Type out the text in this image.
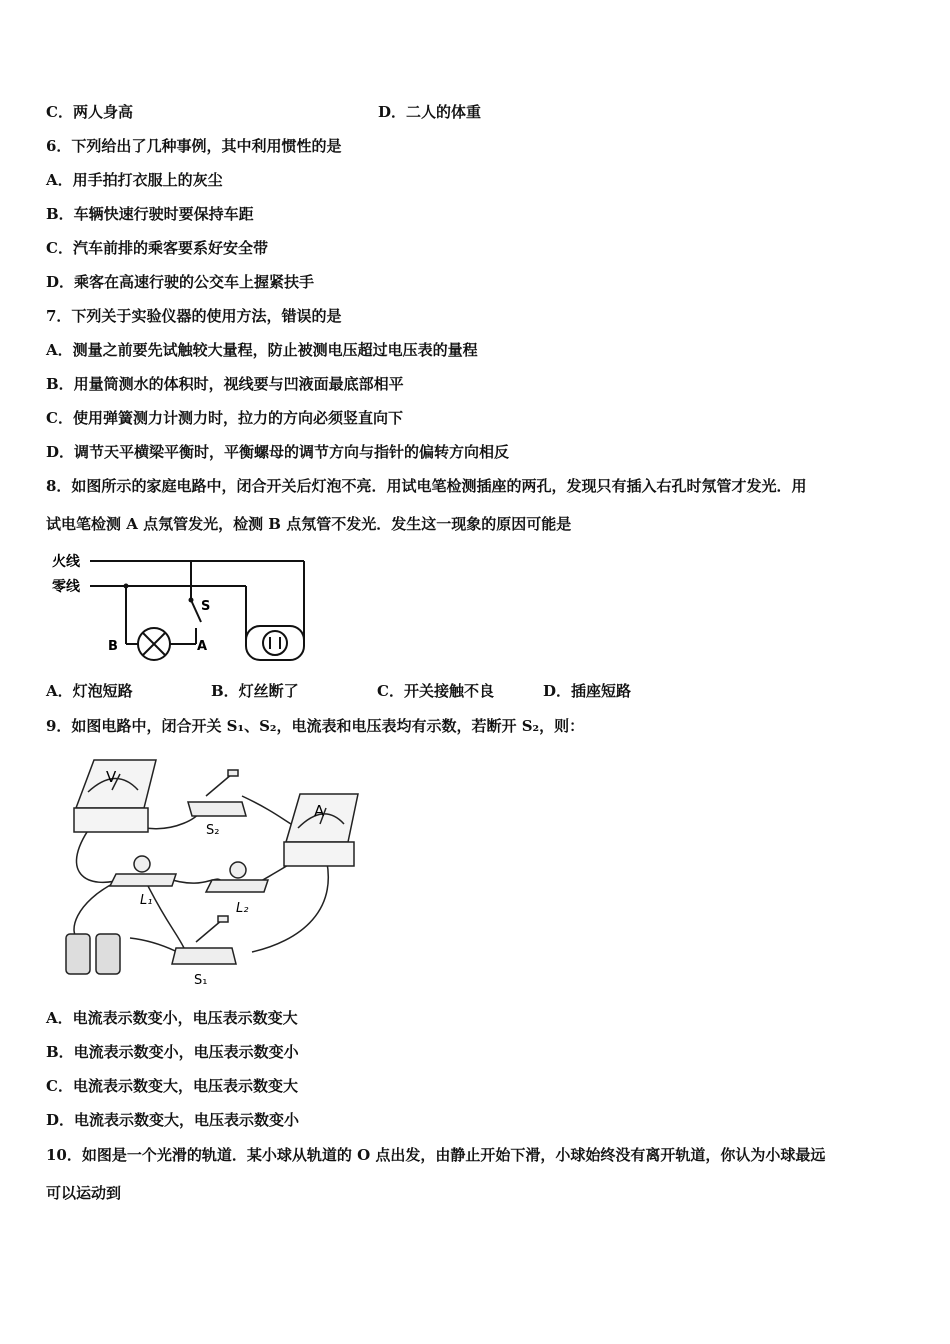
C．两人身高	D．二人的体重
6．下列给出了几种事例，其中利用惯性的是
A．用手拍打衣服上的灰尘
B．车辆快速行驶时要保持车距
C．汽车前排的乘客要系好安全带
D．乘客在高速行驶的公交车上握紧扶手
7．下列关于实验仪器的使用方法，错误的是
A．测量之前要先试触较大量程，防止被测电压超过电压表的量程
B．用量筒测水的体积时，视线要与凹液面最底部相平
C．使用弹簧测力计测力时，拉力的方向必须竖直向下
D．调节天平横梁平衡时，平衡螺母的调节方向与指针的偏转方向相反
8．如图所示的家庭电路中，闭合开关后灯泡不亮．用试电笔检测插座的两孔，发现只有插入右孔时氖管才发光．用
试电笔检测 A 点氖管发光，检测 B 点氖管不发光．发生这一现象的原因可能是
火线
零线
S
A
B
A．灯泡短路	B．灯丝断了	C．开关接触不良	D．插座短路
9．如图电路中，闭合开关 S₁、S₂，电流表和电压表均有示数，若断开 S₂，则：
V
A
S₂
L₁
L₂
S₁
A．电流表示数变小，电压表示数变大
B．电流表示数变小，电压表示数变小
C．电流表示数变大，电压表示数变大
D．电流表示数变大，电压表示数变小
10．如图是一个光滑的轨道．某小球从轨道的 O 点出发，由静止开始下滑，小球始终没有离开轨道，你认为小球最远
可以运动到
